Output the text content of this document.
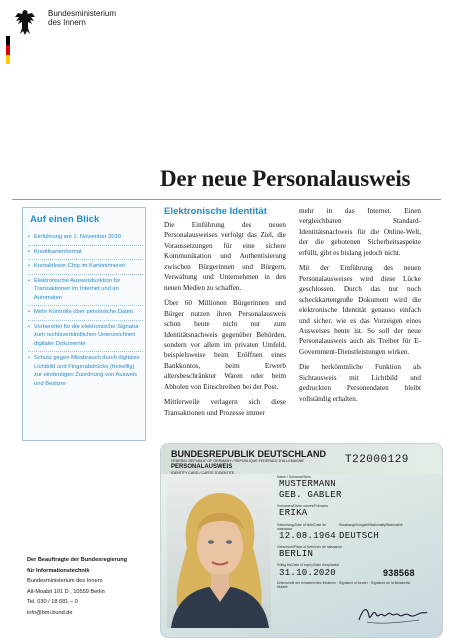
Bundesministerium
des Innern
Der neue Personalausweis
Auf einen Blick
• Einführung am 1. November 2010
• Kreditkartenformat
• Kontaktloser Chip im Karteninneren
• Elektronische Ausweisfunktion für Transaktionen im Internet und an Automaten
• Mehr Kontrolle über persönliche Daten
• Vorbereitet für die elektronische Signatur zum rechtsverbindlichen Unterzeichnen digitaler Dokumente
• Schutz gegen Missbrauch durch digitales Lichtbild und Fingerabdrücke (freiwillig) zur eindeutigen Zuordnung von Ausweis und Besitzer
Elektronische Identität

Die Einführung des neuen Personalausweises verfolgt das Ziel, die Voraussetzungen für eine sichere Kommunikation und Authentisierung zwischen Bürgerinnen und Bürgern, Verwaltung und Unternehmen in den neuen Medien zu schaffen.

Über 60 Millionen Bürgerinnen und Bürger nutzen ihren Personalausweis schon heute nicht nur zum Identitätsnachweis gegenüber Behörden, sondern vor allem im privaten Umfeld, beispielsweise beim Eröffnen eines Bankkontos, beim Erwerb altersbeschränkter Waren oder beim Abholen von Einschreiben bei der Post.

Mittlerweile verlagern sich diese Transaktionen und Prozesse immer

mehr in das Internet. Einen vergleichbaren Standard-Identitätsnachweis für die Online-Welt, der die gebotenen Sicherheitsaspekte erfüllt, gibt es bislang jedoch nicht.

Mit der Einführung des neuen Personalausweises wird diese Lücke geschlossen. Durch das nur noch scheckkartengroße Dokument wird die elektronische Identität genauso einfach und sicher, wie es das Vorzeigen eines Ausweises heute ist. So soll der neue Personalausweis auch als Treiber für E-Government-Dienstleistungen wirken.

Die herkömmliche Funktion als Sichtausweis mit Lichtbild und gedruckten Personendaten bleibt vollständig erhalten.

Der Beauftragte der Bundesregierung
für Informationstechnik
Bundesministerium des Innern
Alt-Moabit 101 D , 10559 Berlin
Tel. 030 / 18 681 – 0
info@bmi.bund.de
BUNDESREPUBLIK DEUTSCHLAND
FEDERAL REPUBLIC OF GERMANY / REPUBLIQUE FEDERALE D'ALLEMAGNE
PERSONALAUSWEIS
IDENTITY CARD / CARTE D'IDENTITE
T22000129
Name / Surname/Nom
MUSTERMANN
GEB. GABLER
Vornamen/Given names/Prénoms
ERIKA
Geburtstag/Date of birth/Date de naissance
Staatsangehörigkeit/Nationality/Nationalité
12.08.1964 DEUTSCH
Geburtsort/Place of birth/Lieu de naissance
BERLIN
Gültig bis/Date of expiry/Date d'expiration
31.10.2020	938568
Unterschrift der Inhaberin/des Inhabers · Signature of bearer · Signature de la titulaire/du titulaire
